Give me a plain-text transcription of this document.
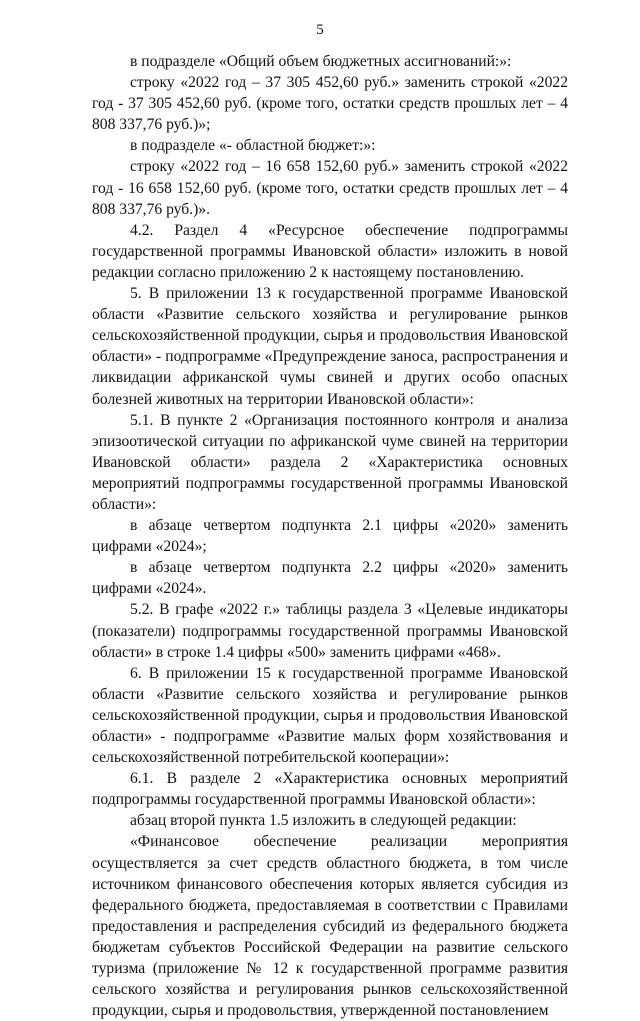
5

в подразделе «Общий объем бюджетных ассигнований:»:

строку «2022 год – 37 305 452,60 руб.» заменить строкой «2022 год - 37 305 452,60 руб. (кроме того, остатки средств прошлых лет – 4 808 337,76 руб.)»;

в подразделе «- областной бюджет:»:

строку «2022 год – 16 658 152,60 руб.» заменить строкой «2022 год - 16 658 152,60 руб. (кроме того, остатки средств прошлых лет – 4 808 337,76 руб.)».

4.2. Раздел 4 «Ресурсное обеспечение подпрограммы государственной программы Ивановской области» изложить в новой редакции согласно приложению 2 к настоящему постановлению.

5. В приложении 13 к государственной программе Ивановской области «Развитие сельского хозяйства и регулирование рынков сельскохозяйственной продукции, сырья и продовольствия Ивановской области» - подпрограмме «Предупреждение заноса, распространения и ликвидации африканской чумы свиней и других особо опасных болезней животных на территории Ивановской области»:

5.1. В пункте 2 «Организация постоянного контроля и анализа эпизоотической ситуации по африканской чуме свиней на территории Ивановской области» раздела 2 «Характеристика основных мероприятий подпрограммы государственной программы Ивановской области»:

в абзаце четвертом подпункта 2.1 цифры «2020» заменить цифрами «2024»;

в абзаце четвертом подпункта 2.2 цифры «2020» заменить цифрами «2024».

5.2. В графе «2022 г.» таблицы раздела 3 «Целевые индикаторы (показатели) подпрограммы государственной программы Ивановской области» в строке 1.4 цифры «500» заменить цифрами «468».

6. В приложении 15 к государственной программе Ивановской области «Развитие сельского хозяйства и регулирование рынков сельскохозяйственной продукции, сырья и продовольствия Ивановской области» - подпрограмме «Развитие малых форм хозяйствования и сельскохозяйственной потребительской кооперации»:

6.1. В разделе 2 «Характеристика основных мероприятий подпрограммы государственной программы Ивановской области»:

абзац второй пункта 1.5 изложить в следующей редакции:

«Финансовое обеспечение реализации мероприятия осуществляется за счет средств областного бюджета, в том числе источником финансового обеспечения которых является субсидия из федерального бюджета, предоставляемая в соответствии с Правилами предоставления и распределения субсидий из федерального бюджета бюджетам субъектов Российской Федерации на развитие сельского туризма (приложение № 12 к государственной программе развития сельского хозяйства и регулирования рынков сельскохозяйственной продукции, сырья и продовольствия, утвержденной постановлением
